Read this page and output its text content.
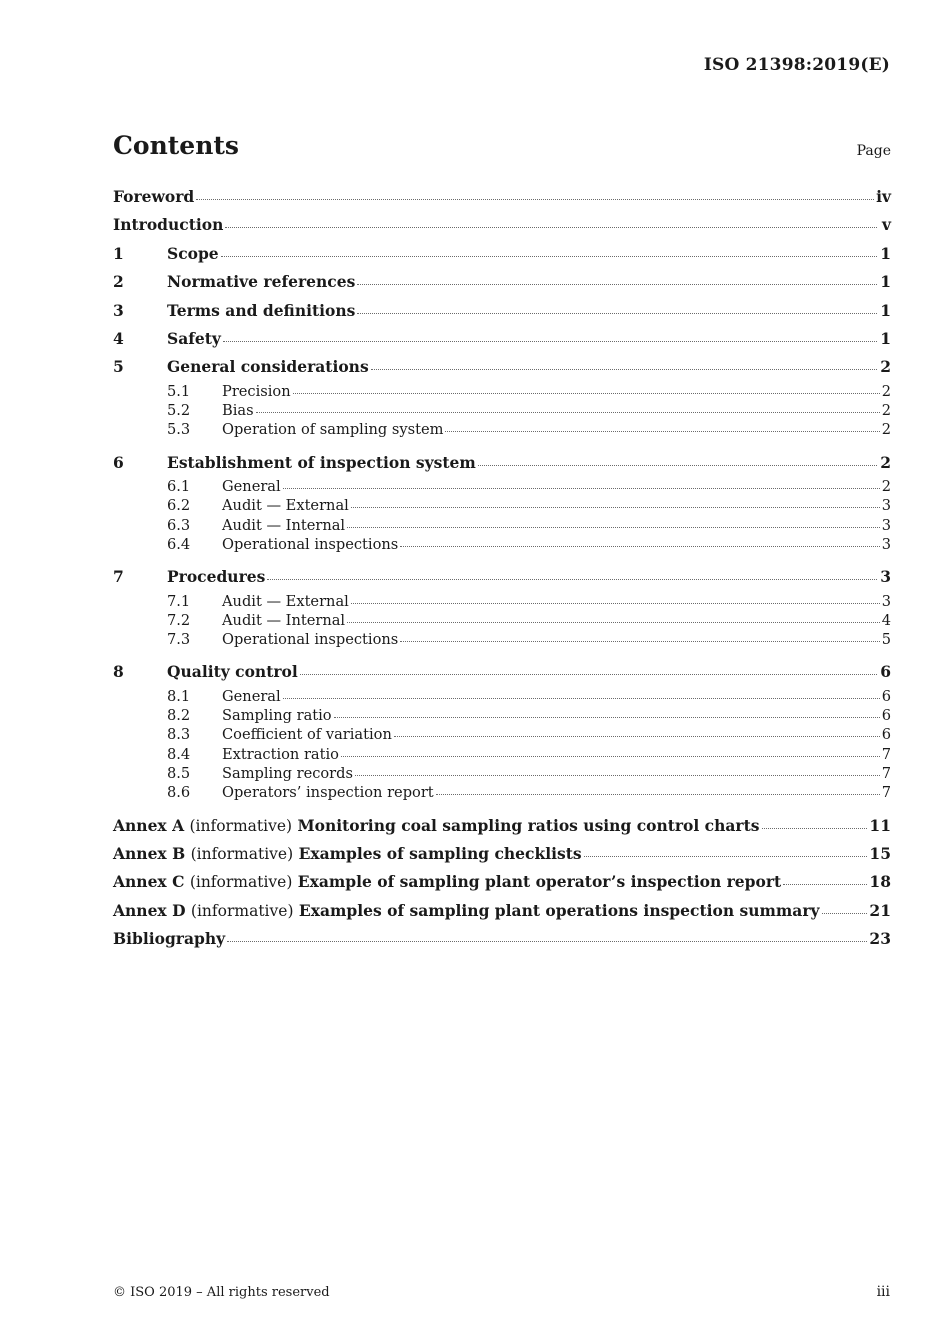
ISO 21398:2019(E)
Contents	Page
Foreword	iv
Introduction	v
1	Scope	1
2	Normative references	1
3	Terms and definitions	1
4	Safety	1
5	General considerations	2
5.1	Precision	2
5.2	Bias	2
5.3	Operation of sampling system	2
6	Establishment of inspection system	2
6.1	General	2
6.2	Audit — External	3
6.3	Audit — Internal	3
6.4	Operational inspections	3
7	Procedures	3
7.1	Audit — External	3
7.2	Audit — Internal	4
7.3	Operational inspections	5
8	Quality control	6
8.1	General	6
8.2	Sampling ratio	6
8.3	Coefficient of variation	6
8.4	Extraction ratio	7
8.5	Sampling records	7
8.6	Operators’ inspection report	7
Annex A (informative) Monitoring coal sampling ratios using control charts	11
Annex B (informative) Examples of sampling checklists	15
Annex C (informative) Example of sampling plant operator’s inspection report	18
Annex D (informative) Examples of sampling plant operations inspection summary	21
Bibliography	23
© ISO 2019 – All rights reserved	iii
